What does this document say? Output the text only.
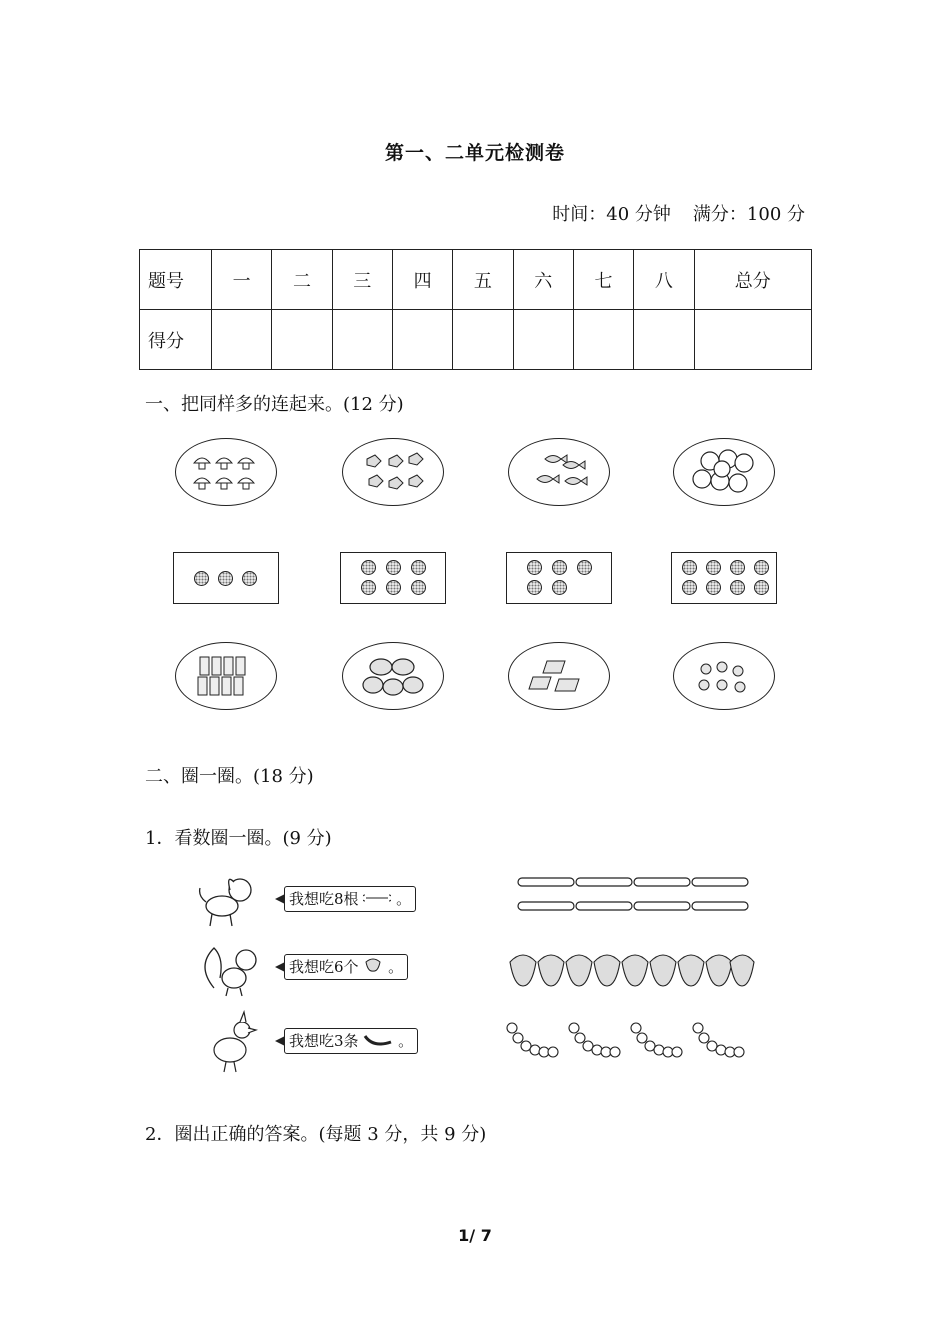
第一、二单元检测卷
时间：40 分钟 满分：100 分
题号	一	二	三	四	五	六	七	八	总分
得分									
一、把同样多的连起来。(12 分)
二、圈一圈。(18 分)
1．看数圈一圈。(9 分)
我想吃8根	。
我想吃6个 。
我想吃3条	。
2．圈出正确的答案。(每题 3 分，共 9 分)
1/ 7
